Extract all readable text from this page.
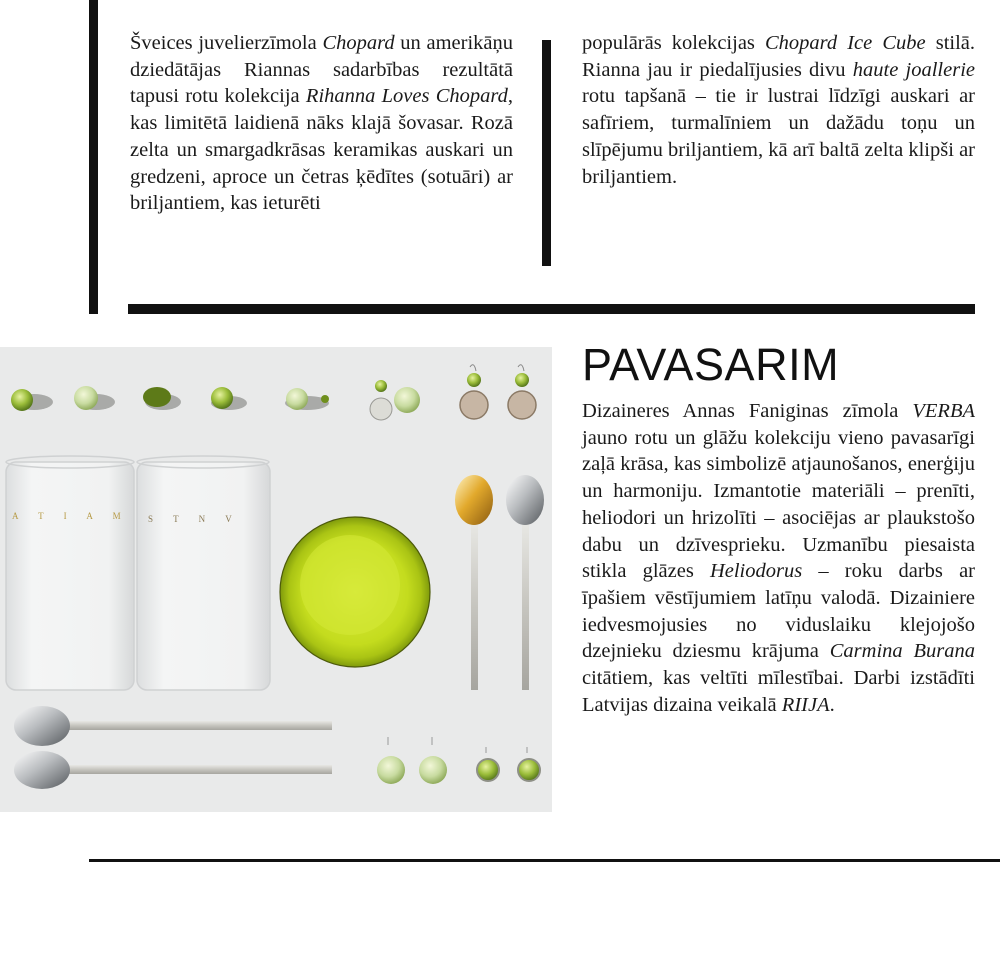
Šveices juvelierzīmola Chopard un amerikāņu dziedātājas Riannas sadarbības rezultātā tapusi rotu kolekcija Rihanna Loves Chopard, kas limitētā laidienā nāks klajā šovasar. Rozā zelta un smargadkrāsas keramikas auskari un gredzeni, aproce un četras ķēdītes (sotuāri) ar briljantiem, kas ieturēti
populārās kolekcijas Chopard Ice Cube stilā. Rianna jau ir piedalījusies divu haute joallerie rotu tapšanā – tie ir lustrai līdzīgi auskari ar safīriem, turmalīniem un dažādu toņu un slīpējumu briljantiem, kā arī baltā zelta klipši ar briljantiem.
PAVASARIM
Dizaineres Annas Faniginas zīmola VERBA jauno rotu un glāžu kolekciju vieno pavasarīgi zaļā krāsa, kas simbolizē atjaunošanos, enerģiju un harmoniju. Izmantotie materiāli – prenīti, heliodori un hrizolīti – asociējas ar plaukstošo dabu un dzīvesprieku. Uzmanību piesaista stikla glāzes Heliodorus – roku darbs ar īpašiem vēstījumiem latīņu valodā. Dizainiere iedvesmojusies no viduslaiku klejojošo dzejnieku dziesmu krājuma Carmina Burana citātiem, kas veltīti mīlestībai. Darbi izstādīti Latvijas dizaina veikalā RIIJA.
A T I A M S T N V
